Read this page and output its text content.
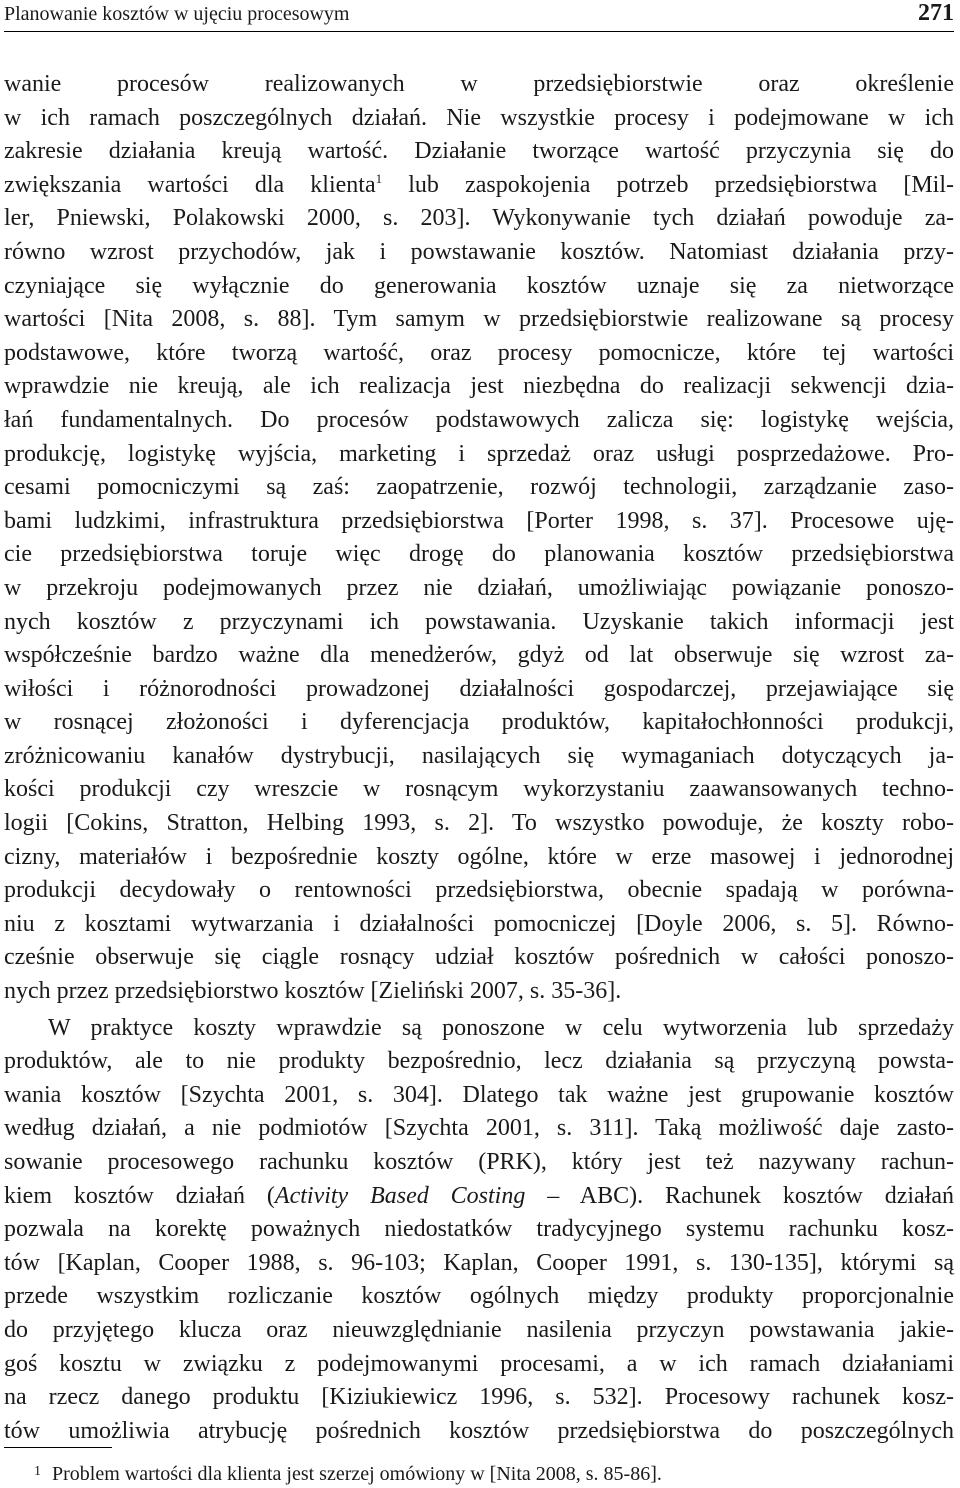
Planowanie kosztów w ujęciu procesowym	271
wanie procesów realizowanych w przedsiębiorstwie oraz określenie
w ich ramach poszczególnych działań. Nie wszystkie procesy i podejmowane w ich
zakresie działania kreują wartość. Działanie tworzące wartość przyczynia się do
zwiększania wartości dla klienta$^1$ lub zaspokojenia potrzeb przedsiębiorstwa [Mil-
ler, Pniewski, Polakowski 2000, s. 203]. Wykonywanie tych działań powoduje za-
równo wzrost przychodów, jak i powstawanie kosztów. Natomiast działania przy-
czyniające się wyłącznie do generowania kosztów uznaje się za nietworzące
wartości [Nita 2008, s. 88]. Tym samym w przedsiębiorstwie realizowane są procesy
podstawowe, które tworzą wartość, oraz procesy pomocnicze, które tej wartości
wprawdzie nie kreują, ale ich realizacja jest niezbędna do realizacji sekwencji dzia-
łań fundamentalnych. Do procesów podstawowych zalicza się: logistykę wejścia,
produkcję, logistykę wyjścia, marketing i sprzedaż oraz usługi posprzedażowe. Pro-
cesami pomocniczymi są zaś: zaopatrzenie, rozwój technologii, zarządzanie zaso-
bami ludzkimi, infrastruktura przedsiębiorstwa [Porter 1998, s. 37]. Procesowe uję-
cie przedsiębiorstwa toruje więc drogę do planowania kosztów przedsiębiorstwa
w przekroju podejmowanych przez nie działań, umożliwiając powiązanie ponoszo-
nych kosztów z przyczynami ich powstawania. Uzyskanie takich informacji jest
współcześnie bardzo ważne dla menedżerów, gdyż od lat obserwuje się wzrost za-
wiłości i różnorodności prowadzonej działalności gospodarczej, przejawiające się
w rosnącej złożoności i dyferencjacja produktów, kapitałochłonności produkcji,
zróżnicowaniu kanałów dystrybucji, nasilających się wymaganiach dotyczących ja-
kości produkcji czy wreszcie w rosnącym wykorzystaniu zaawansowanych techno-
logii [Cokins, Stratton, Helbing 1993, s. 2]. To wszystko powoduje, że koszty robo-
cizny, materiałów i bezpośrednie koszty ogólne, które w erze masowej i jednorodnej
produkcji decydowały o rentowności przedsiębiorstwa, obecnie spadają w porówna-
niu z kosztami wytwarzania i działalności pomocniczej [Doyle 2006, s. 5]. Równo-
cześnie obserwuje się ciągle rosnący udział kosztów pośrednich w całości ponoszo-
nych przez przedsiębiorstwo kosztów [Zieliński 2007, s. 35-36].
W praktyce koszty wprawdzie są ponoszone w celu wytworzenia lub sprzedaży
produktów, ale to nie produkty bezpośrednio, lecz działania są przyczyną powsta-
wania kosztów [Szychta 2001, s. 304]. Dlatego tak ważne jest grupowanie kosztów
według działań, a nie podmiotów [Szychta 2001, s. 311]. Taką możliwość daje zasto-
sowanie procesowego rachunku kosztów (PRK), który jest też nazywany rachun-
kiem kosztów działań (Activity Based Costing – ABC). Rachunek kosztów działań
pozwala na korektę poważnych niedostatków tradycyjnego systemu rachunku kosz-
tów [Kaplan, Cooper 1988, s. 96-103; Kaplan, Cooper 1991, s. 130-135], którymi są
przede wszystkim rozliczanie kosztów ogólnych między produkty proporcjonalnie
do przyjętego klucza oraz nieuwzględnianie nasilenia przyczyn powstawania jakie-
goś kosztu w związku z podejmowanymi procesami, a w ich ramach działaniami
na rzecz danego produktu [Kiziukiewicz 1996, s. 532]. Procesowy rachunek kosz-
tów umożliwia atrybucję pośrednich kosztów przedsiębiorstwa do poszczególnych
1 Problem wartości dla klienta jest szerzej omówiony w [Nita 2008, s. 85-86].
